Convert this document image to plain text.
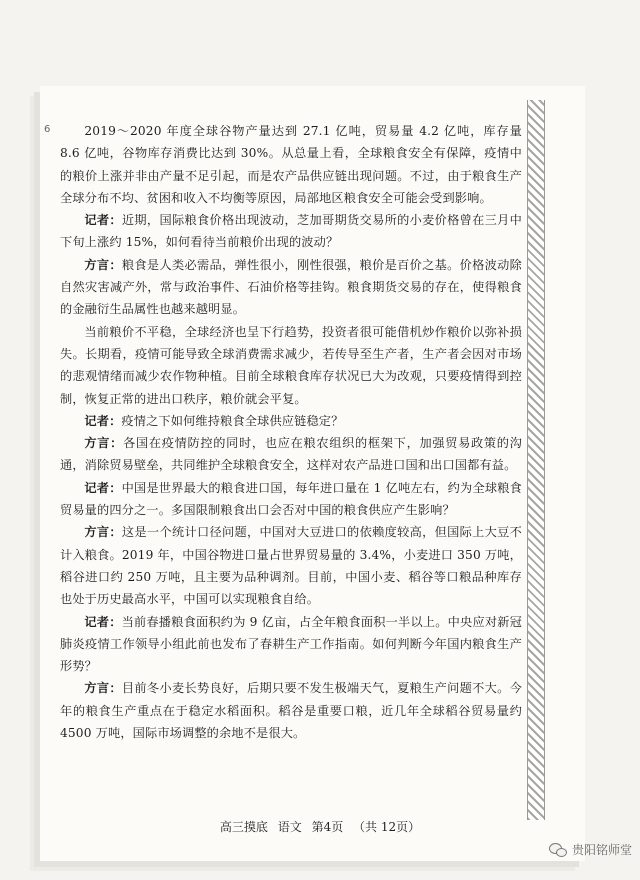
6	2019～2020 年度全球谷物产量达到 27.1 亿吨，贸易量 4.2 亿吨，库存量 8.6 亿吨，谷物库存消费比达到 30%。从总量上看，全球粮食安全有保障，疫情中的粮价上涨并非由产量不足引起，而是农产品供应链出现问题。不过，由于粮食生产全球分布不均、贫困和收入不均衡等原因，局部地区粮食安全可能会受到影响。

记者：近期，国际粮食价格出现波动，芝加哥期货交易所的小麦价格曾在三月中下旬上涨约 15%，如何看待当前粮价出现的波动？

方言：粮食是人类必需品，弹性很小，刚性很强，粮价是百价之基。价格波动除自然灾害减产外，常与政治事件、石油价格等挂钩。粮食期货交易的存在，使得粮食的金融衍生品属性也越来越明显。

当前粮价不平稳，全球经济也呈下行趋势，投资者很可能借机炒作粮价以弥补损失。长期看，疫情可能导致全球消费需求减少，若传导至生产者，生产者会因对市场的悲观情绪而减少农作物种植。目前全球粮食库存状况已大为改观，只要疫情得到控制，恢复正常的进出口秩序，粮价就会平复。

记者：疫情之下如何维持粮食全球供应链稳定？

方言：各国在疫情防控的同时，也应在粮农组织的框架下，加强贸易政策的沟通，消除贸易壁垒，共同维护全球粮食安全，这样对农产品进口国和出口国都有益。

记者：中国是世界最大的粮食进口国，每年进口量在 1 亿吨左右，约为全球粮食贸易量的四分之一。多国限制粮食出口会否对中国的粮食供应产生影响？

方言：这是一个统计口径问题，中国对大豆进口的依赖度较高，但国际上大豆不计入粮食。2019 年，中国谷物进口量占世界贸易量的 3.4%，小麦进口 350 万吨，稻谷进口约 250 万吨，且主要为品种调剂。目前，中国小麦、稻谷等口粮品种库存也处于历史最高水平，中国可以实现粮食自给。

记者：当前春播粮食面积约为 9 亿亩，占全年粮食面积一半以上。中央应对新冠肺炎疫情工作领导小组此前也发布了春耕生产工作指南。如何判断今年国内粮食生产形势？

方言：目前冬小麦长势良好，后期只要不发生极端天气，夏粮生产问题不大。今年的粮食生产重点在于稳定水稻面积。稻谷是重要口粮，近几年全球稻谷贸易量约 4500 万吨，国际市场调整的余地不是很大。

高三摸底 语文 第4页 （共 12页）
贵阳铭师堂
